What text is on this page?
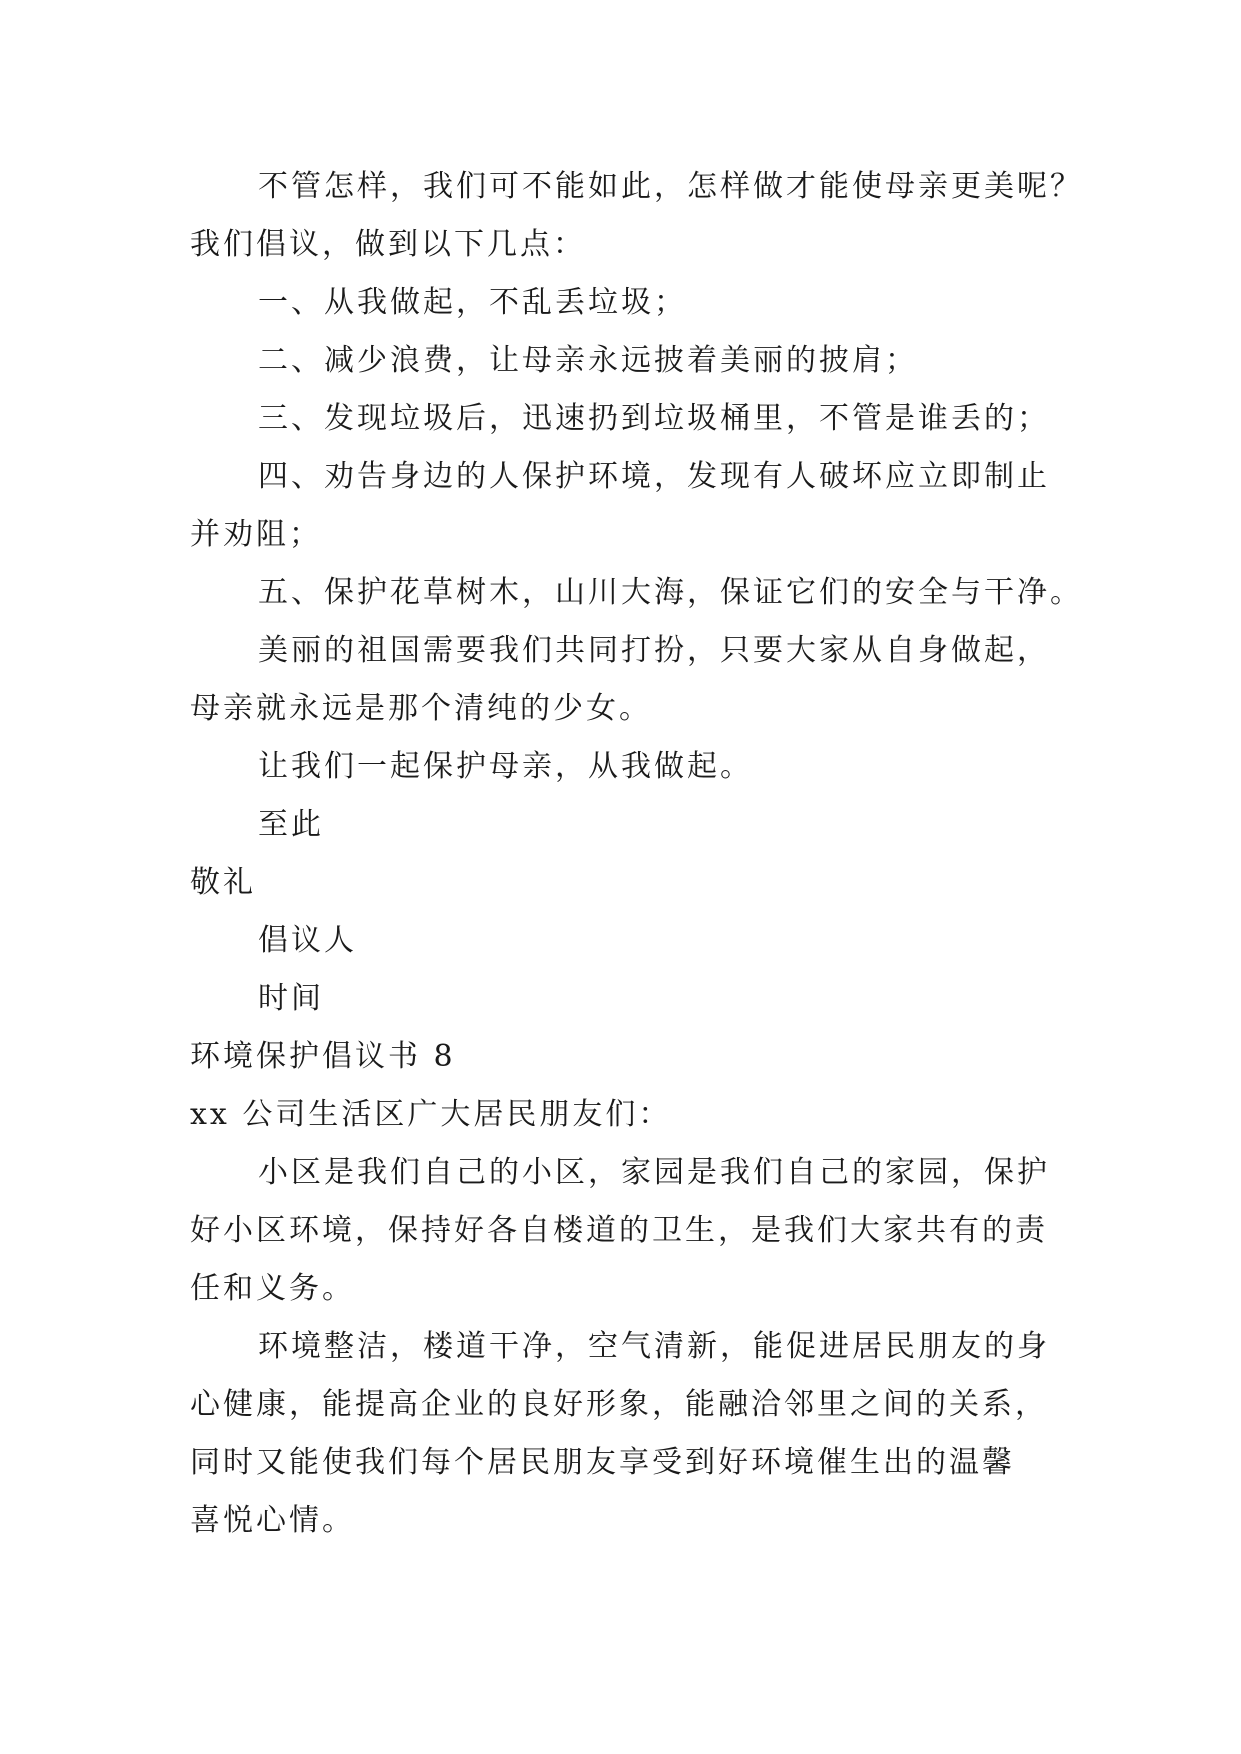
不管怎样，我们可不能如此，怎样做才能使母亲更美呢？
我们倡议，做到以下几点：
一、从我做起，不乱丢垃圾；
二、减少浪费，让母亲永远披着美丽的披肩；
三、发现垃圾后，迅速扔到垃圾桶里，不管是谁丢的；
四、劝告身边的人保护环境，发现有人破坏应立即制止
并劝阻；
五、保护花草树木，山川大海，保证它们的安全与干净。
美丽的祖国需要我们共同打扮，只要大家从自身做起，
母亲就永远是那个清纯的少女。
让我们一起保护母亲，从我做起。
至此
敬礼
倡议人
时间
环境保护倡议书 8
xx 公司生活区广大居民朋友们：
小区是我们自己的小区，家园是我们自己的家园，保护
好小区环境，保持好各自楼道的卫生，是我们大家共有的责
任和义务。
环境整洁，楼道干净，空气清新，能促进居民朋友的身
心健康，能提高企业的良好形象，能融洽邻里之间的关系，
同时又能使我们每个居民朋友享受到好环境催生出的温馨
喜悦心情。
